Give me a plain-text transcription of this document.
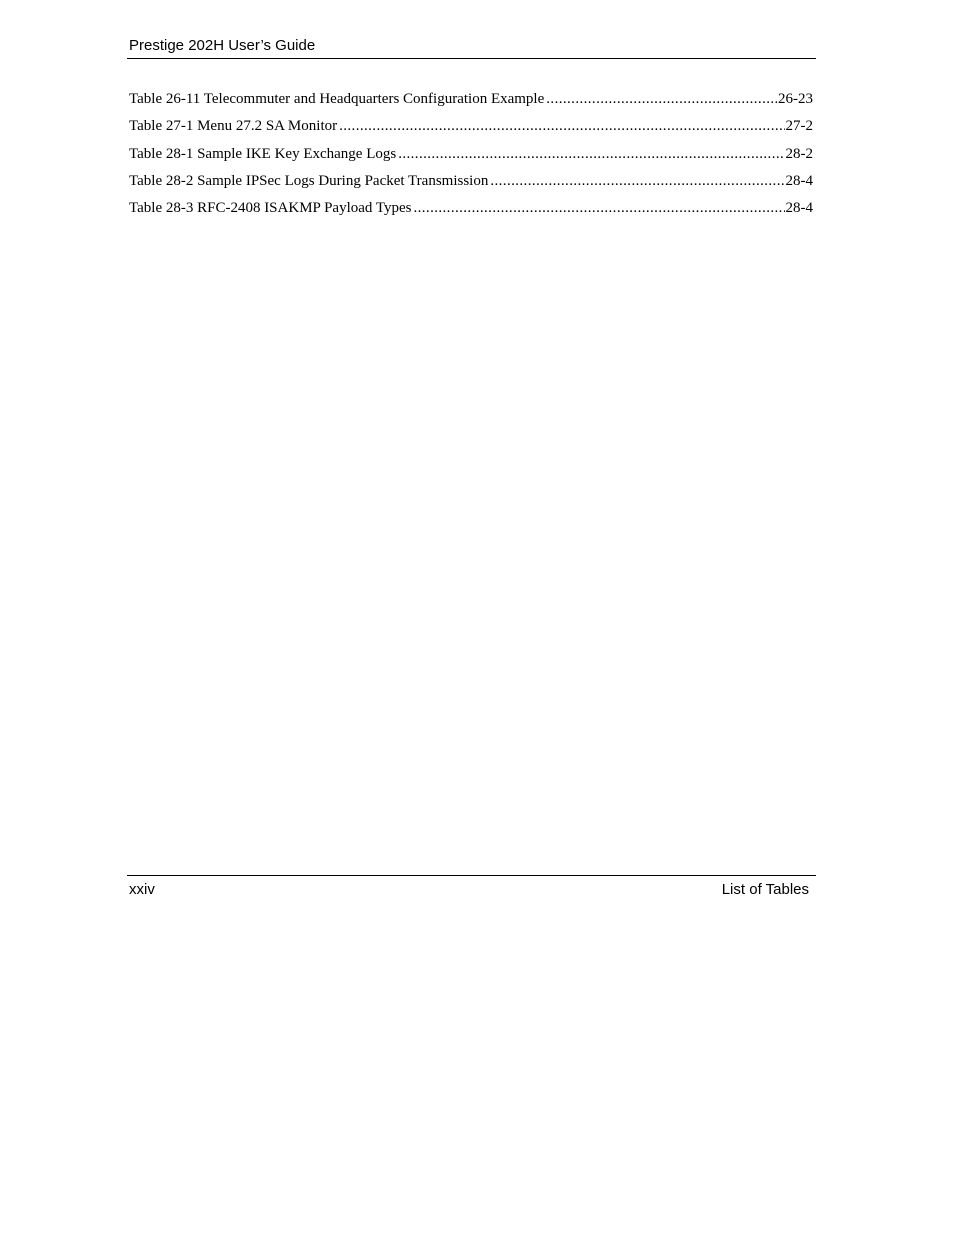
Prestige 202H User’s Guide
Table 26-11 Telecommuter and Headquarters Configuration Example .....	26-23
Table 27-1 Menu 27.2 SA Monitor .....	27-2
Table 28-1 Sample IKE Key Exchange Logs .....	28-2
Table 28-2 Sample IPSec Logs During Packet Transmission .....	28-4
Table 28-3 RFC-2408 ISAKMP Payload Types .....	28-4
xxiv	List of Tables
